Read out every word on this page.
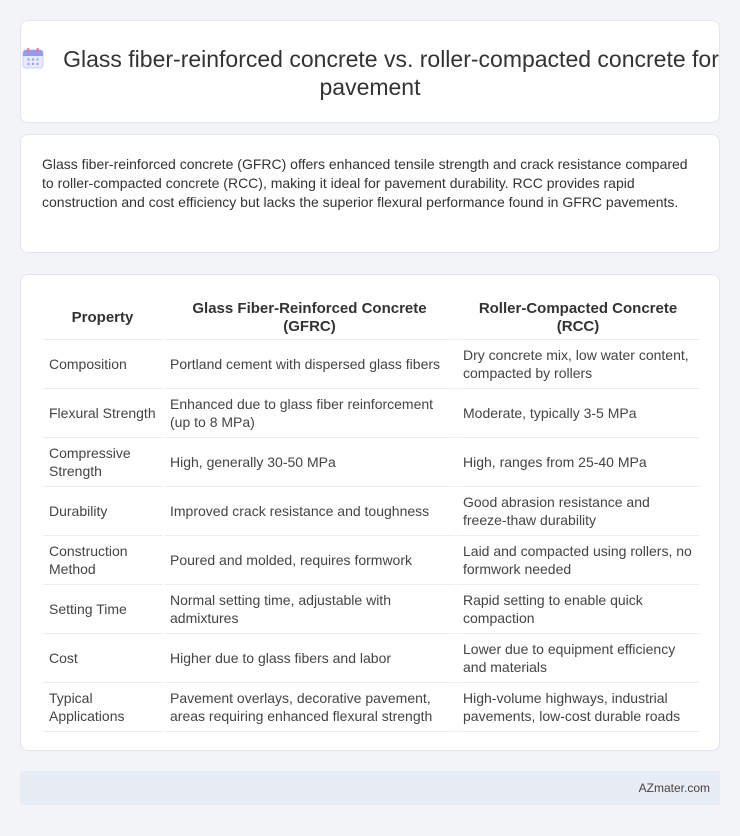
Glass fiber-reinforced concrete vs. roller-compacted concrete for pavement

Glass fiber-reinforced concrete (GFRC) offers enhanced tensile strength and crack resistance compared to roller-compacted concrete (RCC), making it ideal for pavement durability. RCC provides rapid construction and cost efficiency but lacks the superior flexural performance found in GFRC pavements.

Property	Glass Fiber-Reinforced Concrete (GFRC)	Roller-Compacted Concrete (RCC)
Composition	Portland cement with dispersed glass fibers	Dry concrete mix, low water content, compacted by rollers
Flexural Strength	Enhanced due to glass fiber reinforcement (up to 8 MPa)	Moderate, typically 3-5 MPa
Compressive Strength	High, generally 30-50 MPa	High, ranges from 25-40 MPa
Durability	Improved crack resistance and toughness	Good abrasion resistance and freeze-thaw durability
Construction Method	Poured and molded, requires formwork	Laid and compacted using rollers, no formwork needed
Setting Time	Normal setting time, adjustable with admixtures	Rapid setting to enable quick compaction
Cost	Higher due to glass fibers and labor	Lower due to equipment efficiency and materials
Typical Applications	Pavement overlays, decorative pavement, areas requiring enhanced flexural strength	High-volume highways, industrial pavements, low-cost durable roads
AZmater.com
